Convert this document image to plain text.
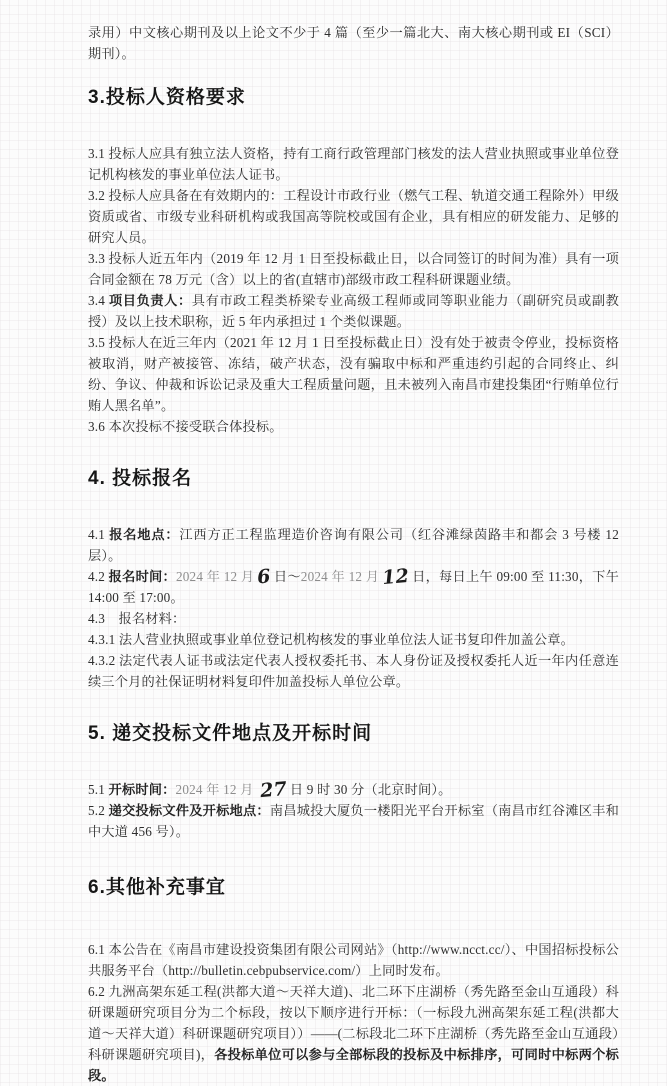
录用）中文核心期刊及以上论文不少于 4 篇（至少一篇北大、南大核心期刊或 EI（SCI）期刊）。

3.投标人资格要求

3.1 投标人应具有独立法人资格，持有工商行政管理部门核发的法人营业执照或事业单位登记机构核发的事业单位法人证书。

3.2 投标人应具备在有效期内的：工程设计市政行业（燃气工程、轨道交通工程除外）甲级资质或省、市级专业科研机构或我国高等院校或国有企业，具有相应的研发能力、足够的研究人员。

3.3 投标人近五年内（2019 年 12 月 1 日至投标截止日，以合同签订的时间为准）具有一项合同金额在 78 万元（含）以上的省(直辖市)部级市政工程科研课题业绩。

3.4 项目负责人：具有市政工程类桥梁专业高级工程师或同等职业能力（副研究员或副教授）及以上技术职称，近 5 年内承担过 1 个类似课题。

3.5 投标人在近三年内（2021 年 12 月 1 日至投标截止日）没有处于被责令停业，投标资格被取消，财产被接管、冻结，破产状态，没有骗取中标和严重违约引起的合同终止、纠纷、争议、仲裁和诉讼记录及重大工程质量问题，且未被列入南昌市建投集团“行贿单位行贿人黑名单”。

3.6 本次投标不接受联合体投标。

4. 投标报名

4.1 报名地点：江西方正工程监理造价咨询有限公司（红谷滩绿茵路丰和都会 3 号楼 12 层）。

4.2 报名时间：2024 年 12 月 6 日～2024 年 12 月 12 日，每日上午 09:00 至 11:30，下午 14:00 至 17:00。

4.3　报名材料：

4.3.1 法人营业执照或事业单位登记机构核发的事业单位法人证书复印件加盖公章。

4.3.2 法定代表人证书或法定代表人授权委托书、本人身份证及授权委托人近一年内任意连续三个月的社保证明材料复印件加盖投标人单位公章。

5. 递交投标文件地点及开标时间

5.1 开标时间：2024 年 12 月 27 日 9 时 30 分（北京时间）。

5.2 递交投标文件及开标地点：南昌城投大厦负一楼阳光平台开标室（南昌市红谷滩区丰和中大道 456 号）。

6.其他补充事宜

6.1 本公告在《南昌市建设投资集团有限公司网站》（http://www.ncct.cc/）、中国招标投标公共服务平台（http://bulletin.cebpubservice.com/）上同时发布。

6.2 九洲高架东延工程(洪都大道～天祥大道)、北二环下庄湖桥（秀先路至金山互通段）科研课题研究项目分为二个标段，按以下顺序进行开标：（一标段九洲高架东延工程(洪都大道～天祥大道）科研课题研究项目））——(二标段北二环下庄湖桥（秀先路至金山互通段）科研课题研究项目)，各投标单位可以参与全部标段的投标及中标排序，可同时中标两个标段。
